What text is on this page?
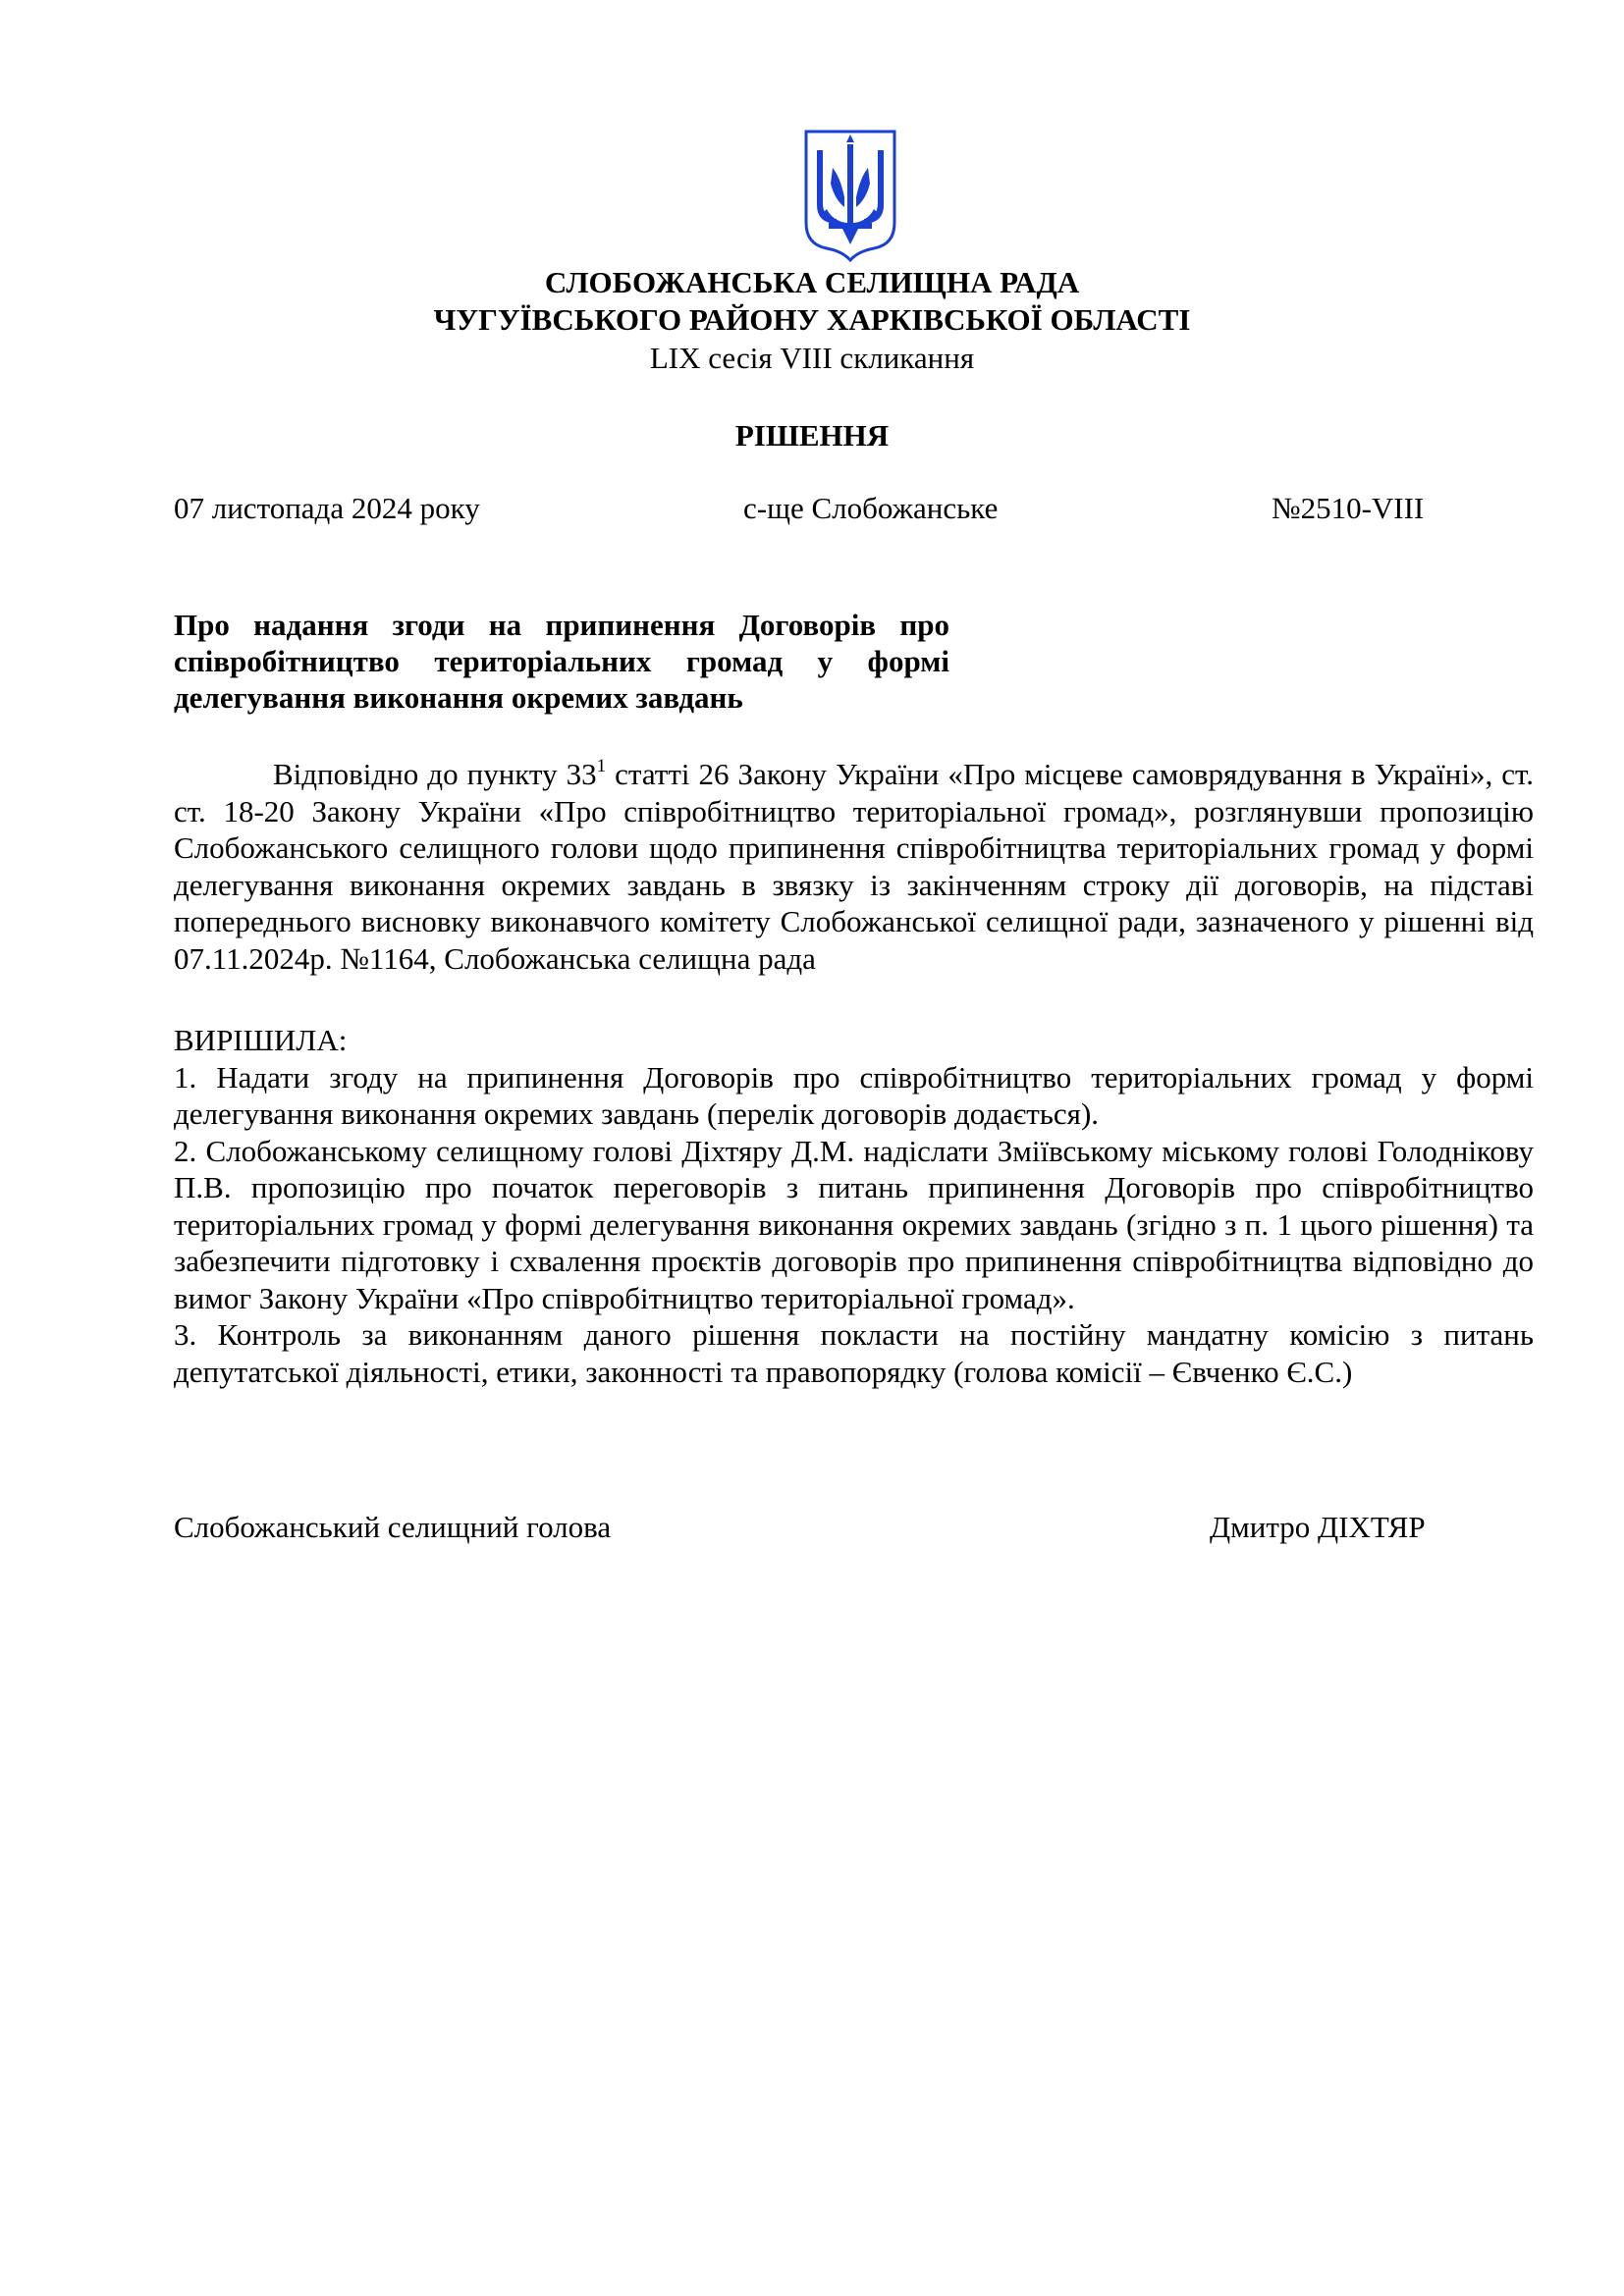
СЛОБОЖАНСЬКА СЕЛИЩНА РАДА
ЧУГУЇВСЬКОГО РАЙОНУ ХАРКІВСЬКОЇ ОБЛАСТІ
LIX сесія VIII скликання
РІШЕННЯ
07 листопада 2024 року	с-ще Слобожанське	№2510-VIII
Про надання згоди на припинення Договорів про співробітництво територіальних громад у формі делегування виконання окремих завдань

Відповідно до пункту $33^1$ статті 26 Закону України «Про місцеве самоврядування в Україні», ст. ст. 18-20 Закону України «Про співробітництво територіальної громад», розглянувши пропозицію Слобожанського селищного голови щодо припинення співробітництва територіальних громад у формі делегування виконання окремих завдань в звязку із закінченням строку дії договорів, на підставі попереднього висновку виконавчого комітету Слобожанської селищної ради, зазначеного у рішенні від 07.11.2024р. №1164, Слобожанська селищна рада

ВИРІШИЛА:

1. Надати згоду на припинення Договорів про співробітництво територіальних громад у формі делегування виконання окремих завдань (перелік договорів додається).

2. Слобожанському селищному голові Діхтяру Д.М. надіслати Зміївському міському голові Голоднікову П.В. пропозицію про початок переговорів з питань припинення Договорів про співробітництво територіальних громад у формі делегування виконання окремих завдань (згідно з п. 1 цього рішення) та забезпечити підготовку і схвалення проєктів договорів про припинення співробітництва відповідно до вимог Закону України «Про співробітництво територіальної громад».

3. Контроль за виконанням даного рішення покласти на постійну мандатну комісію з питань депутатської діяльності, етики, законності та правопорядку (голова комісії – Євченко Є.С.)

Слобожанський селищний голова	Дмитро ДІХТЯР
